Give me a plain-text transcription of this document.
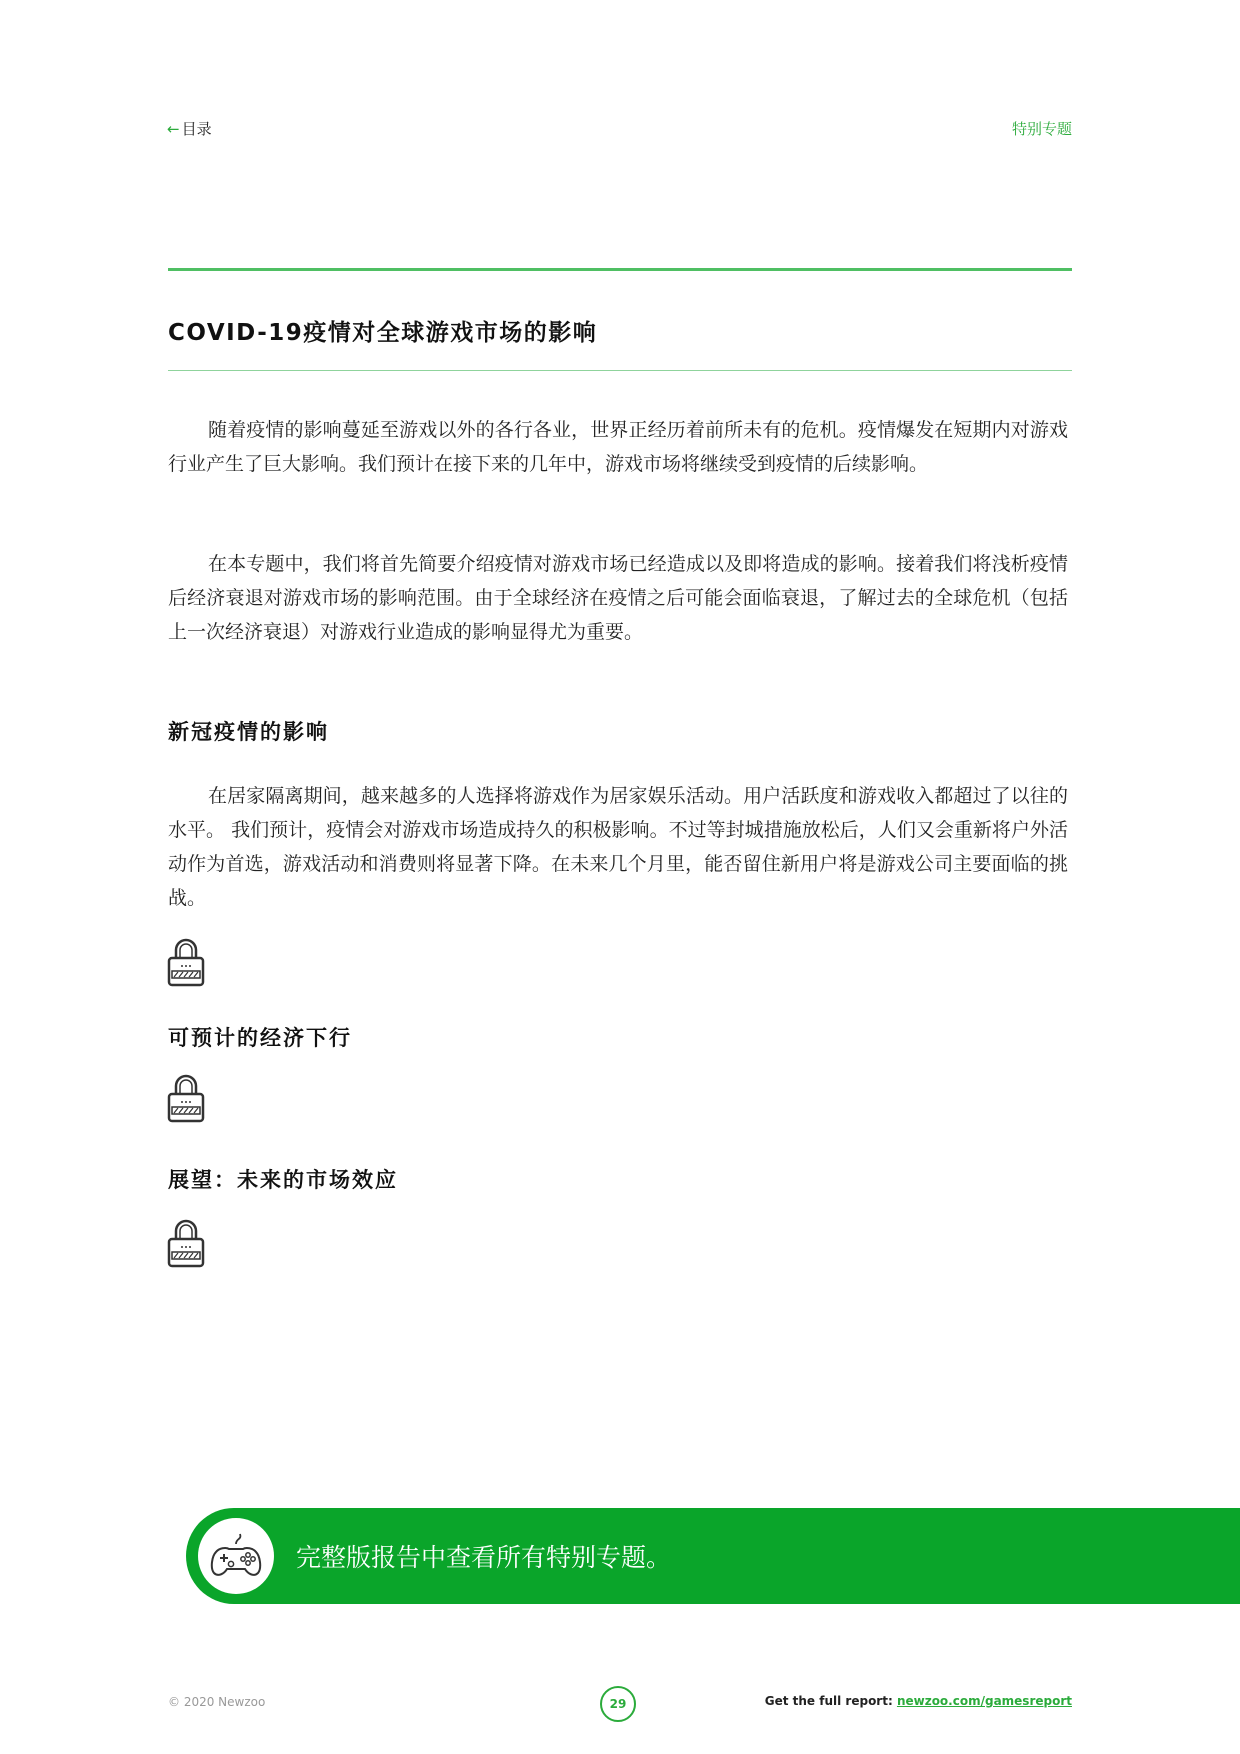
← 目录	特别专题
COVID-19疫情对全球游戏市场的影响
随着疫情的影响蔓延至游戏以外的各行各业，世界正经历着前所未有的危机。疫情爆发在短期内对游戏行业产生了巨大影响。我们预计在接下来的几年中，游戏市场将继续受到疫情的后续影响。
在本专题中，我们将首先简要介绍疫情对游戏市场已经造成以及即将造成的影响。接着我们将浅析疫情后经济衰退对游戏市场的影响范围。由于全球经济在疫情之后可能会面临衰退，了解过去的全球危机（包括上一次经济衰退）对游戏行业造成的影响显得尤为重要。
新冠疫情的影响
在居家隔离期间，越来越多的人选择将游戏作为居家娱乐活动。用户活跃度和游戏收入都超过了以往的水平。 我们预计，疫情会对游戏市场造成持久的积极影响。不过等封城措施放松后，人们又会重新将户外活动作为首选，游戏活动和消费则将显著下降。在未来几个月里，能否留住新用户将是游戏公司主要面临的挑战。
可预计的经济下行
展望：未来的市场效应
完整版报告中查看所有特别专题。
© 2020 Newzoo	29	Get the full report: newzoo.com/gamesreport
